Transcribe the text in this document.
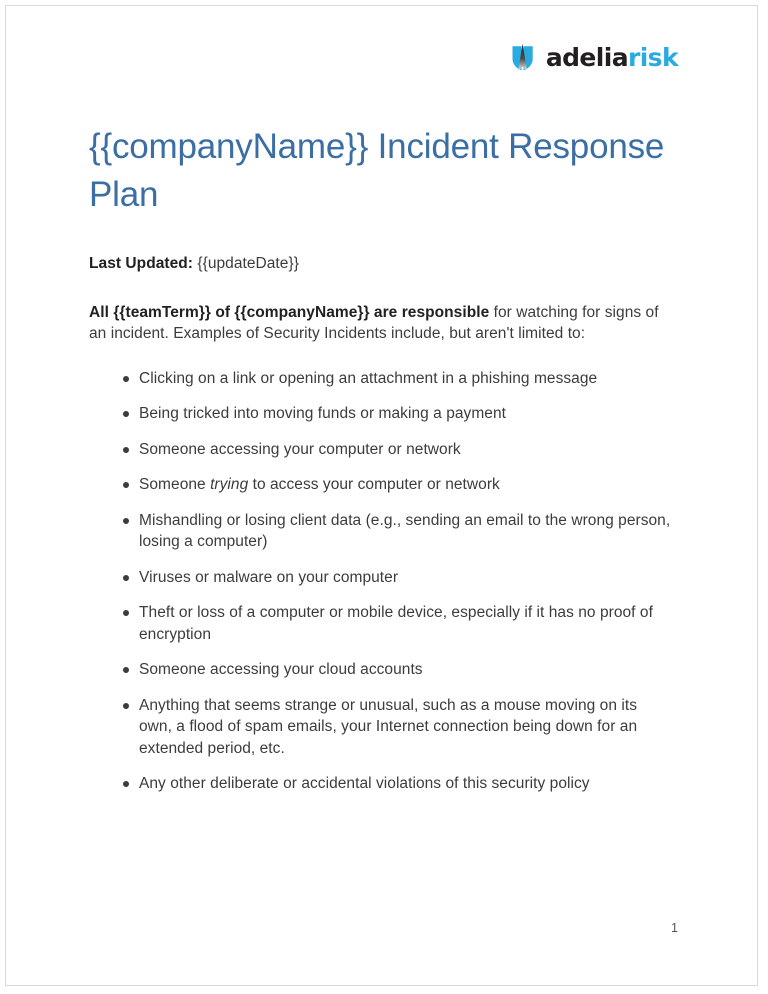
adeliarisk
{{companyName}} Incident Response Plan

Last Updated: {{updateDate}}

All {{teamTerm}} of {{companyName}} are responsible for watching for signs of an incident. Examples of Security Incidents include, but aren't limited to:

Clicking on a link or opening an attachment in a phishing message
Being tricked into moving funds or making a payment
Someone accessing your computer or network
Someone trying to access your computer or network
Mishandling or losing client data (e.g., sending an email to the wrong person, losing a computer)
Viruses or malware on your computer
Theft or loss of a computer or mobile device, especially if it has no proof of encryption
Someone accessing your cloud accounts
Anything that seems strange or unusual, such as a mouse moving on its own, a flood of spam emails, your Internet connection being down for an extended period, etc.
Any other deliberate or accidental violations of this security policy
1
